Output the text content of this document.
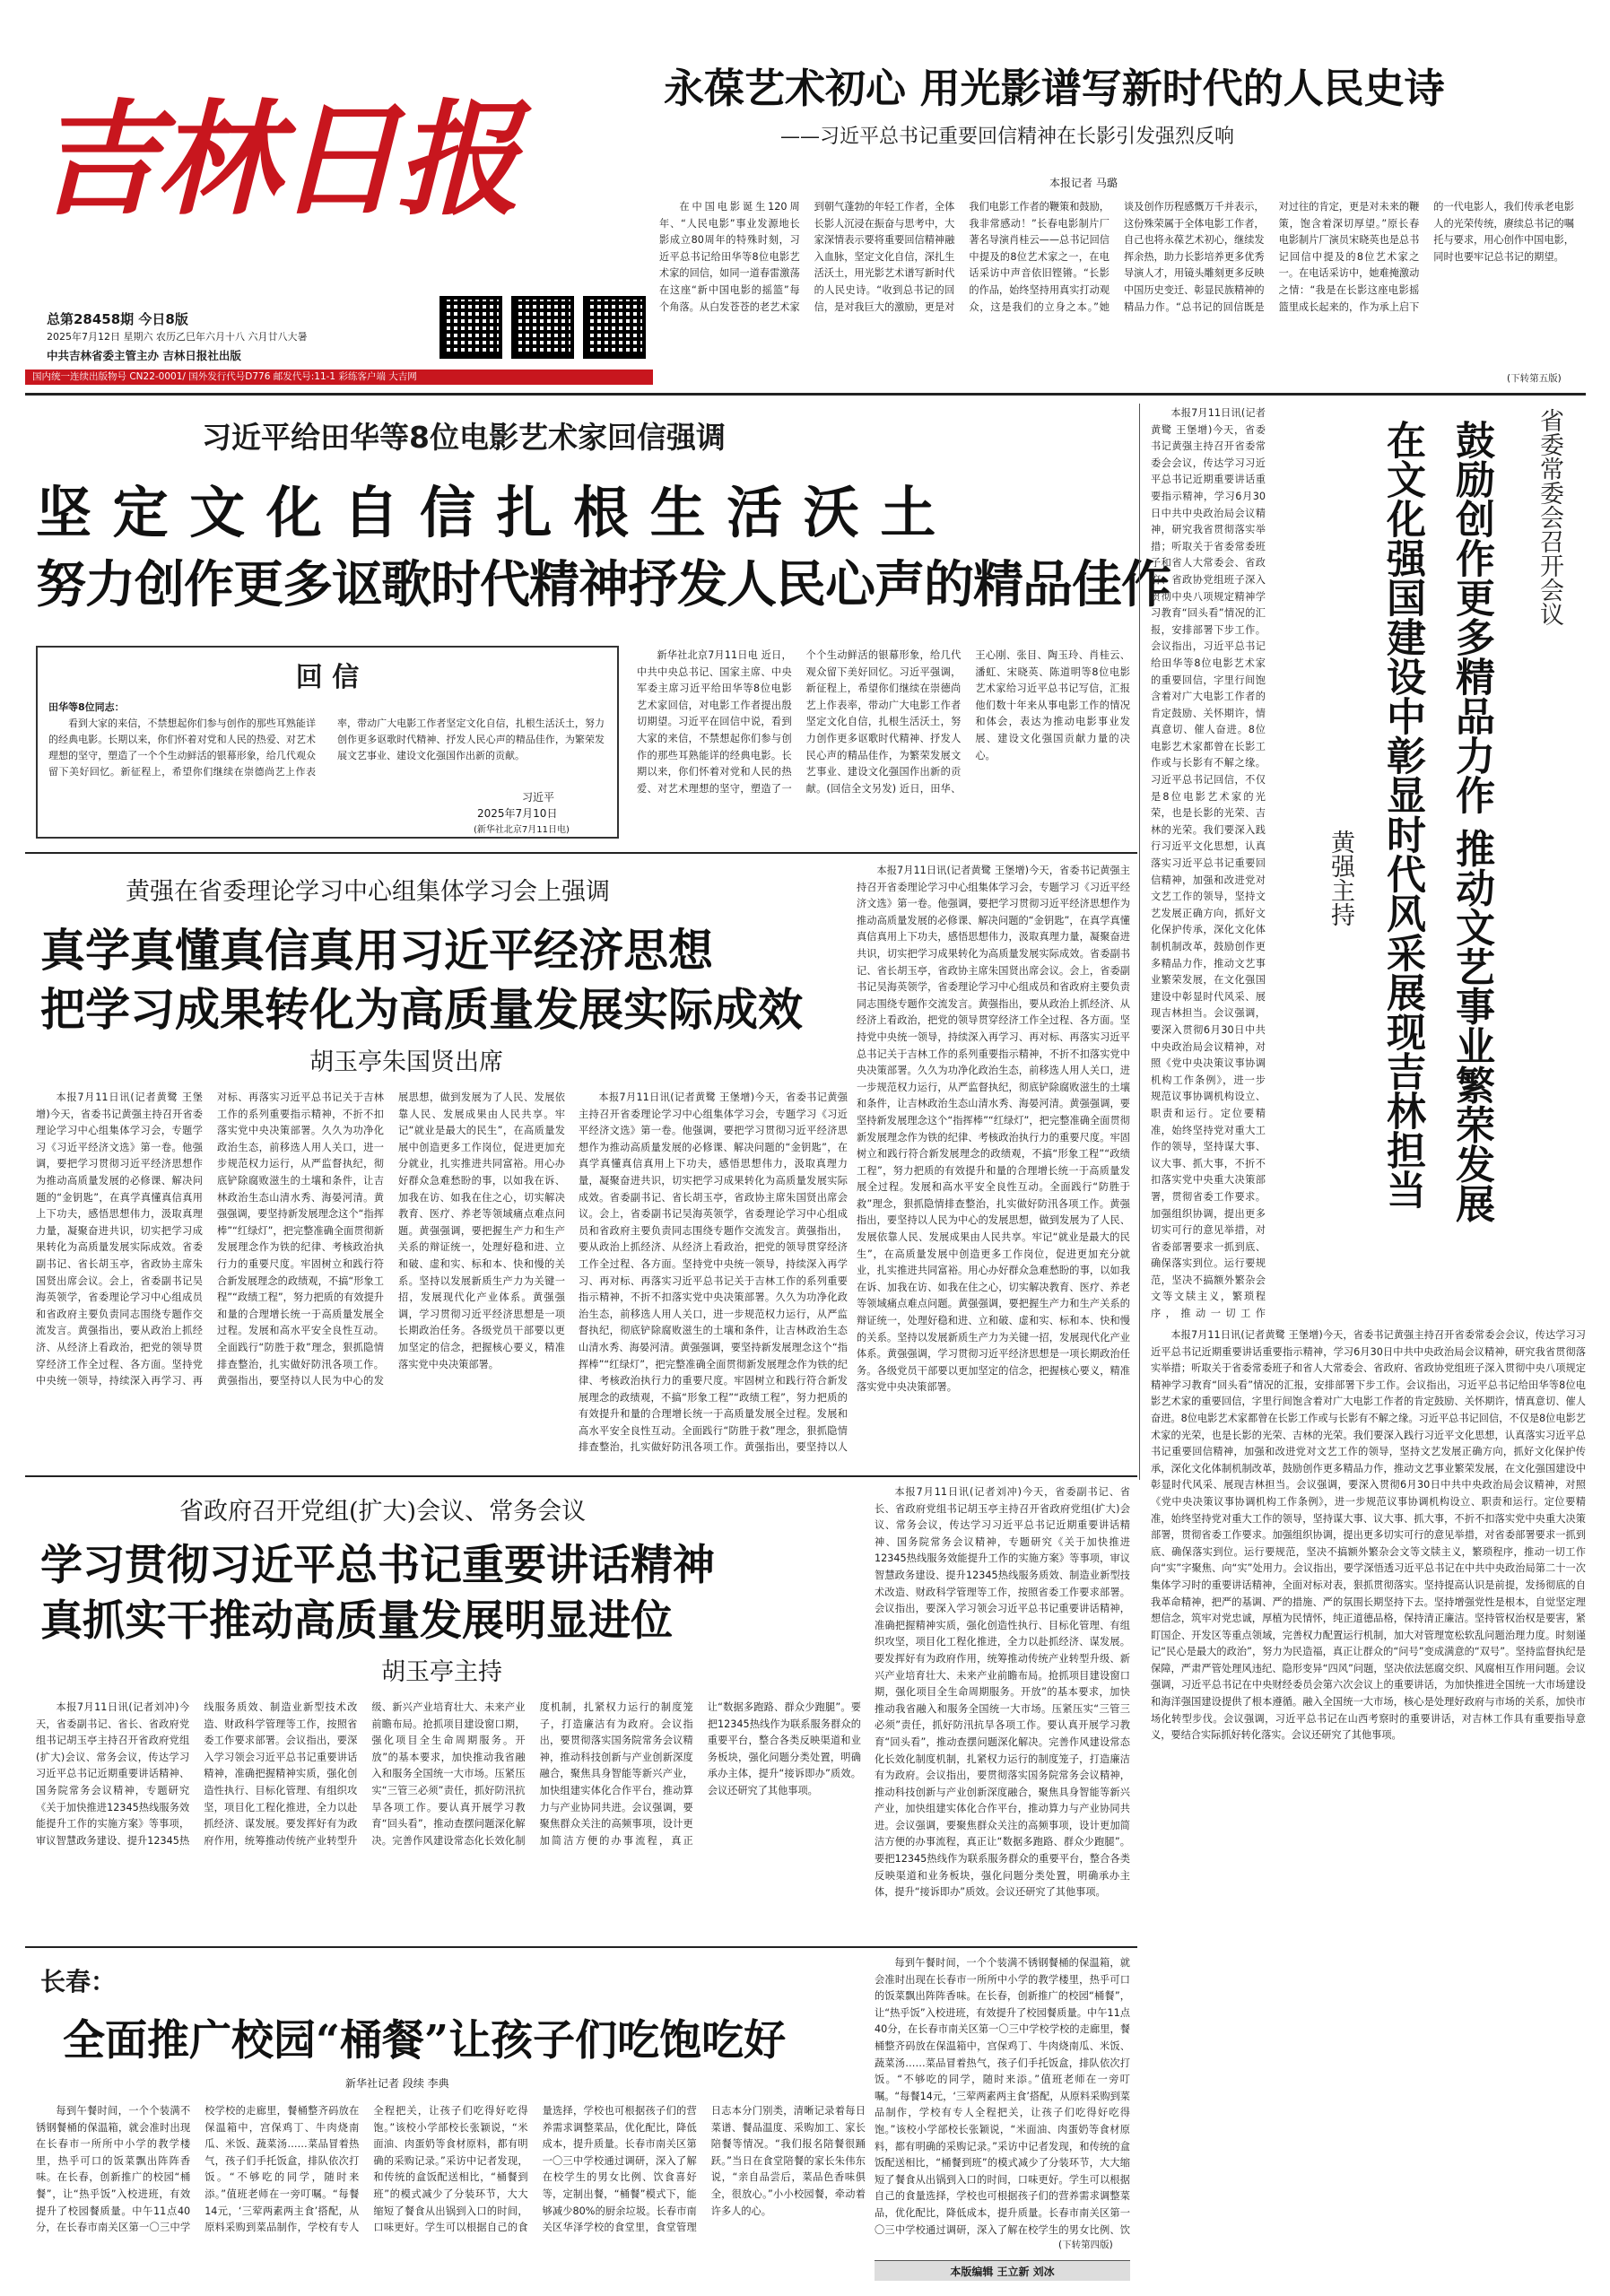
吉林日报
总第28458期 今日8版
2025年7月12日 星期六 农历乙巳年六月十八 六月廿八大暑
中共吉林省委主管主办 吉林日报社出版
国内统一连续出版物号 CN22-0001/ 国外发行代号D776 邮发代号:11-1 彩练客户端 大吉网
永葆艺术初心 用光影谱写新时代的人民史诗
——习近平总书记重要回信精神在长影引发强烈反响
本报记者 马璐

在中国电影诞生120周年、“人民电影”事业发源地长影成立80周年的特殊时刻，习近平总书记给田华等8位电影艺术家的回信，如同一道春雷激荡在这座“新中国电影的摇篮”每个角落。从白发苍苍的老艺术家到朝气蓬勃的年轻工作者，全体长影人沉浸在振奋与思考中，大家深情表示要将重要回信精神融入血脉，坚定文化自信，深扎生活沃土，用光影艺术谱写新时代的人民史诗。“收到总书记的回信，是对我巨大的激励，更是对我们电影工作者的鞭策和鼓励，我非常感动！”长春电影制片厂著名导演肖桂云——总书记回信中提及的8位艺术家之一，在电话采访中声音依旧铿锵。“长影的作品，始终坚持用真实打动观众，这是我们的立身之本。”她谈及创作历程感慨万千并表示，这份殊荣属于全体电影工作者，自己也将永葆艺术初心，继续发挥余热，助力长影培养更多优秀导演人才，用镜头雕刻更多反映中国历史变迁、彰显民族精神的精品力作。“总书记的回信既是对过往的肯定，更是对未来的鞭策，饱含着深切厚望。”原长春电影制片厂演员宋晓英也是总书记回信中提及的8位艺术家之一。在电话采访中，她难掩激动之情：“我是在长影这座电影摇篮里成长起来的，作为承上启下的一代电影人，我们传承老电影人的光荣传统，赓续总书记的嘱托与要求，用心创作中国电影，同时也要牢记总书记的期望。

(下转第五版)
习近平给田华等8位电影艺术家回信强调
坚 定 文 化 自 信 扎 根 生 活 沃 土
努力创作更多讴歌时代精神抒发人民心声的精品佳作
回 信
田华等8位同志：

看到大家的来信，不禁想起你们参与创作的那些耳熟能详的经典电影。长期以来，你们怀着对党和人民的热爱、对艺术理想的坚守，塑造了一个个生动鲜活的银幕形象，给几代观众留下美好回忆。新征程上，希望你们继续在崇德尚艺上作表率，带动广大电影工作者坚定文化自信，扎根生活沃土，努力创作更多讴歌时代精神、抒发人民心声的精品佳作，为繁荣发展文艺事业、建设文化强国作出新的贡献。

习近平
2025年7月10日
(新华社北京7月11日电)

新华社北京7月11日电 近日，中共中央总书记、国家主席、中央军委主席习近平给田华等8位电影艺术家回信，对电影工作者提出殷切期望。习近平在回信中说，看到大家的来信，不禁想起你们参与创作的那些耳熟能详的经典电影。长期以来，你们怀着对党和人民的热爱、对艺术理想的坚守，塑造了一个个生动鲜活的银幕形象，给几代观众留下美好回忆。习近平强调，新征程上，希望你们继续在崇德尚艺上作表率，带动广大电影工作者坚定文化自信，扎根生活沃土，努力创作更多讴歌时代精神、抒发人民心声的精品佳作，为繁荣发展文艺事业、建设文化强国作出新的贡献。(回信全文另发) 近日，田华、王心刚、张目、陶玉玲、肖桂云、潘虹、宋晓英、陈道明等8位电影艺术家给习近平总书记写信，汇报他们数十年来从事电影工作的情况和体会，表达为推动电影事业发展、建设文化强国贡献力量的决心。

本报7月11日讯(记者黄鹭 王堡增)今天，省委书记黄强主持召开省委常委会会议，传达学习习近平总书记近期重要讲话重要指示精神，学习6月30日中共中央政治局会议精神，研究我省贯彻落实举措；听取关于省委常委班子和省人大常委会、省政府、省政协党组班子深入贯彻中央八项规定精神学习教育“回头看”情况的汇报，安排部署下步工作。会议指出，习近平总书记给田华等8位电影艺术家的重要回信，字里行间饱含着对广大电影工作者的肯定鼓励、关怀期许，情真意切、催人奋进。8位电影艺术家都曾在长影工作或与长影有不解之缘。习近平总书记回信，不仅是8位电影艺术家的光荣，也是长影的光荣、吉林的光荣。我们要深入践行习近平文化思想，认真落实习近平总书记重要回信精神，加强和改进党对文艺工作的领导，坚持文艺发展正确方向，抓好文化保护传承，深化文化体制机制改革，鼓励创作更多精品力作，推动文艺事业繁荣发展，在文化强国建设中彰显时代风采、展现吉林担当。会议强调，要深入贯彻6月30日中共中央政治局会议精神，对照《党中央决策议事协调机构工作条例》，进一步规范议事协调机构设立、职责和运行。定位要精准，始终坚持党对重大工作的领导，坚持谋大事、议大事、抓大事，不折不扣落实党中央重大决策部署，贯彻省委工作要求。加强组织协调，提出更多切实可行的意见举措，对省委部署要求一抓到底、确保落实到位。运行要规范，坚决不搞额外繁杂会文等文牍主义，繁琐程序，推动一切工作

鼓励创作更多精品力作 推动文艺事业繁荣发展
在文化强国建设中彰显时代风采展现吉林担当	省委常委会召开会议
黄强主持

本报7月11日讯(记者黄鹭 王堡增)今天，省委书记黄强主持召开省委常委会会议，传达学习习近平总书记近期重要讲话重要指示精神，学习6月30日中共中央政治局会议精神，研究我省贯彻落实举措；听取关于省委常委班子和省人大常委会、省政府、省政协党组班子深入贯彻中央八项规定精神学习教育“回头看”情况的汇报，安排部署下步工作。会议指出，习近平总书记给田华等8位电影艺术家的重要回信，字里行间饱含着对广大电影工作者的肯定鼓励、关怀期许，情真意切、催人奋进。8位电影艺术家都曾在长影工作或与长影有不解之缘。习近平总书记回信，不仅是8位电影艺术家的光荣，也是长影的光荣、吉林的光荣。我们要深入践行习近平文化思想，认真落实习近平总书记重要回信精神，加强和改进党对文艺工作的领导，坚持文艺发展正确方向，抓好文化保护传承，深化文化体制机制改革，鼓励创作更多精品力作，推动文艺事业繁荣发展，在文化强国建设中彰显时代风采、展现吉林担当。会议强调，要深入贯彻6月30日中共中央政治局会议精神，对照《党中央决策议事协调机构工作条例》，进一步规范议事协调机构设立、职责和运行。定位要精准，始终坚持党对重大工作的领导，坚持谋大事、议大事、抓大事，不折不扣落实党中央重大决策部署，贯彻省委工作要求。加强组织协调，提出更多切实可行的意见举措，对省委部署要求一抓到底、确保落实到位。运行要规范，坚决不搞额外繁杂会文等文牍主义，繁琐程序，推动一切工作向“实”字聚焦、向“实”处用力。会议指出，要学深悟透习近平总书记在中共中央政治局第二十一次集体学习时的重要讲话精神，全面对标对表，狠抓贯彻落实。坚持提高认识是前提，发扬彻底的自我革命精神，把严的基调、严的措施、严的氛围长期坚持下去。坚持增强党性是根本，自觉坚定理想信念，筑牢对党忠诚，厚植为民情怀，纯正道德品格，保持清正廉洁。坚持管权治权是要害，紧盯国企、开发区等重点领域，完善权力配置运行机制，加大对管理宽松软乱问题治理力度。时刻谨记“民心是最大的政治”，努力为民造福，真正让群众的“问号”变成满意的“双号”。坚持监督执纪是保障，严肃严管处理风违纪、隐形变异“四风”问题，坚决依法惩腐交织、风腐相互作用问题。会议强调，习近平总书记在中央财经委员会第六次会议上的重要讲话，为加快推进全国统一大市场建设和海洋强国建设提供了根本遵循。融入全国统一大市场，核心是处理好政府与市场的关系，加快市场化转型步伐。会议强调，习近平总书记在山西考察时的重要讲话，对吉林工作具有重要指导意义，要结合实际抓好转化落实。会议还研究了其他事项。

黄强在省委理论学习中心组集体学习会上强调
真学真懂真信真用习近平经济思想
把学习成果转化为高质量发展实际成效
胡玉亭朱国贤出席

本报7月11日讯(记者黄鹭 王堡增)今天，省委书记黄强主持召开省委理论学习中心组集体学习会，专题学习《习近平经济文选》第一卷。他强调，要把学习贯彻习近平经济思想作为推动高质量发展的必修课、解决问题的“金钥匙”，在真学真懂真信真用上下功夫，感悟思想伟力，汲取真理力量，凝聚奋进共识，切实把学习成果转化为高质量发展实际成效。省委副书记、省长胡玉亭，省政协主席朱国贤出席会议。会上，省委副书记吴海英领学，省委理论学习中心组成员和省政府主要负责同志围绕专题作交流发言。黄强指出，要从政治上抓经济、从经济上看政治，把党的领导贯穿经济工作全过程、各方面。坚持党中央统一领导，持续深入再学习、再对标、再落实习近平总书记关于吉林工作的系列重要指示精神，不折不扣落实党中央决策部署。久久为功净化政治生态，前移选人用人关口，进一步规范权力运行，从严监督执纪，彻底铲除腐败滋生的土壤和条件，让吉林政治生态山清水秀、海晏河清。黄强强调，要坚持新发展理念这个“指挥棒”“红绿灯”，把完整准确全面贯彻新发展理念作为铁的纪律、考核政治执行力的重要尺度。牢固树立和践行符合新发展理念的政绩观，不搞“形象工程”“政绩工程”，努力把质的有效提升和量的合理增长统一于高质量发展全过程。发展和高水平安全良性互动。全面践行“防胜于救”理念，狠抓隐情排查整治，扎实做好防汛各项工作。黄强指出，要坚持以人民为中心的发展思想，做到发展为了人民、发展依靠人民、发展成果由人民共享。牢记“就业是最大的民生”，在高质量发展中创造更多工作岗位，促进更加充分就业，扎实推进共同富裕。用心办好群众急难愁盼的事，以如我在诉、加我在访、如我在住之心，切实解决教育、医疗、养老等领域痛点难点问题。黄强强调，要把握生产力和生产关系的辩证统一，处理好稳和进、立和破、虚和实、标和本、快和慢的关系。坚持以发展新质生产力为关键一招，发展现代化产业体系。黄强强调，学习贯彻习近平经济思想是一项长期政治任务。各级党员干部要以更加坚定的信念，把握核心要义，精准落实党中央决策部署。

本报7月11日讯(记者黄鹭 王堡增)今天，省委书记黄强主持召开省委理论学习中心组集体学习会，专题学习《习近平经济文选》第一卷。他强调，要把学习贯彻习近平经济思想作为推动高质量发展的必修课、解决问题的“金钥匙”，在真学真懂真信真用上下功夫，感悟思想伟力，汲取真理力量，凝聚奋进共识，切实把学习成果转化为高质量发展实际成效。省委副书记、省长胡玉亭，省政协主席朱国贤出席会议。会上，省委副书记吴海英领学，省委理论学习中心组成员和省政府主要负责同志围绕专题作交流发言。黄强指出，要从政治上抓经济、从经济上看政治，把党的领导贯穿经济工作全过程、各方面。坚持党中央统一领导，持续深入再学习、再对标、再落实习近平总书记关于吉林工作的系列重要指示精神，不折不扣落实党中央决策部署。久久为功净化政治生态，前移选人用人关口，进一步规范权力运行，从严监督执纪，彻底铲除腐败滋生的土壤和条件，让吉林政治生态山清水秀、海晏河清。黄强强调，要坚持新发展理念这个“指挥棒”“红绿灯”，把完整准确全面贯彻新发展理念作为铁的纪律、考核政治执行力的重要尺度。牢固树立和践行符合新发展理念的政绩观，不搞“形象工程”“政绩工程”，努力把质的有效提升和量的合理增长统一于高质量发展全过程。发展和高水平安全良性互动。全面践行“防胜于救”理念，狠抓隐情排查整治，扎实做好防汛各项工作。黄强指出，要坚持以人民为中心的发展思想，做到发展为了人民、发展依靠人民、发展成果由人民共享。牢记“就业是最大的民生”，在高质量发展中创造更多工作岗位，促进更加充分就业，扎实推进共同富裕。用心办好群众急难愁盼的事，以如我在诉、加我在访、如我在住之心，切实解决教育、医疗、养老等领域痛点难点问题。黄强强调，要把握生产力和生产关系的辩证统一，处理好稳和进、立和破、虚和实、标和本、快和慢的关系。坚持以发展新质生产力为关键一招，发展现代化产业体系。黄强强调，学习贯彻习近平经济思想是一项长期政治任务。各级党员干部要以更加坚定的信念，把握核心要义，精准落实党中央决策部署。

本报7月11日讯(记者黄鹭 王堡增)今天，省委书记黄强主持召开省委理论学习中心组集体学习会，专题学习《习近平经济文选》第一卷。他强调，要把学习贯彻习近平经济思想作为推动高质量发展的必修课、解决问题的“金钥匙”，在真学真懂真信真用上下功夫，感悟思想伟力，汲取真理力量，凝聚奋进共识，切实把学习成果转化为高质量发展实际成效。省委副书记、省长胡玉亭，省政协主席朱国贤出席会议。会上，省委副书记吴海英领学，省委理论学习中心组成员和省政府主要负责同志围绕专题作交流发言。黄强指出，要从政治上抓经济、从经济上看政治，把党的领导贯穿经济工作全过程、各方面。坚持党中央统一领导，持续深入再学习、再对标、再落实习近平总书记关于吉林工作的系列重要指示精神，不折不扣落实党中央决策部署。久久为功净化政治生态，前移选人用人关口，进一步规范权力运行，从严监督执纪，彻底铲除腐败滋生的土壤和条件，让吉林政治生态山清水秀、海晏河清。黄强强调，要坚持新发展理念这个“指挥棒”“红绿灯”，把完整准确全面贯彻新发展理念作为铁的纪律、考核政治执行力的重要尺度。牢固树立和践行符合新发展理念的政绩观，不搞“形象工程”“政绩工程”，努力把质的有效提升和量的合理增长统一于高质量发展全过程。发展和高水平安全良性互动。全面践行“防胜于救”理念，狠抓隐情排查整治，扎实做好防汛各项工作。黄强指出，要坚持以人

省政府召开党组(扩大)会议、常务会议
学习贯彻习近平总书记重要讲话精神
真抓实干推动高质量发展明显进位
胡玉亭主持

本报7月11日讯(记者刘冲)今天，省委副书记、省长、省政府党组书记胡玉亭主持召开省政府党组(扩大)会议、常务会议，传达学习习近平总书记近期重要讲话精神、国务院常务会议精神，专题研究《关于加快推进12345热线服务效能提升工作的实施方案》等事项，审议智慧政务建设、提升12345热线服务质效、制造业新型技术改造、财政科学管理等工作，按照省委工作要求部署。会议指出，要深入学习领会习近平总书记重要讲话精神，准确把握精神实质，强化创造性执行、目标化管理、有组织攻坚，项目化工程化推进，全力以赴抓经济、谋发展。要发挥好有为政府作用，统筹推动传统产业转型升级、新兴产业培育壮大、未来产业前瞻布局。抢抓项目建设窗口期，强化项目全生命周期服务。开放”的基本要求，加快推动我省融入和服务全国统一大市场。压紧压实“三管三必须”责任，抓好防汛抗旱各项工作。要认真开展学习教育“回头看”，推动查摆问题深化解决。完善作风建设常态化长效化制度机制，扎紧权力运行的制度笼子，打造廉洁有为政府。会议指出，要贯彻落实国务院常务会议精神，推动科技创新与产业创新深度融合，聚焦具身智能等新兴产业，加快组建实体化合作平台，推动算力与产业协同共进。会议强调，要聚焦群众关注的高频事项，设计更加简洁方便的办事流程，真正让“数据多跑路、群众少跑腿”。要把12345热线作为联系服务群众的重要平台，整合各类反映渠道和业务板块，强化问题分类处置，明确承办主体，提升“接诉即办”质效。会议还研究了其他事项。

本报7月11日讯(记者刘冲)今天，省委副书记、省长、省政府党组书记胡玉亭主持召开省政府党组(扩大)会议、常务会议，传达学习习近平总书记近期重要讲话精神、国务院常务会议精神，专题研究《关于加快推进12345热线服务效能提升工作的实施方案》等事项，审议智慧政务建设、提升12345热线服务质效、制造业新型技术改造、财政科学管理等工作，按照省委工作要求部署。会议指出，要深入学习领会习近平总书记重要讲话精神，准确把握精神实质，强化创造性执行、目标化管理、有组织攻坚，项目化工程化推进，全力以赴抓经济、谋发展。要发挥好有为政府作用，统筹推动传统产业转型升级、新兴产业培育壮大、未来产业前瞻布局。抢抓项目建设窗口期，强化项目全生命周期服务。开放”的基本要求，加快推动我省融入和服务全国统一大市场。压紧压实“三管三必须”责任，抓好防汛抗旱各项工作。要认真开展学习教育“回头看”，推动查摆问题深化解决。完善作风建设常态化长效化制度机制，扎紧权力运行的制度笼子，打造廉洁有为政府。会议指出，要贯彻落实国务院常务会议精神，推动科技创新与产业创新深度融合，聚焦具身智能等新兴产业，加快组建实体化合作平台，推动算力与产业协同共进。会议强调，要聚焦群众关注的高频事项，设计更加简洁方便的办事流程，真正让“数据多跑路、群众少跑腿”。要把12345热线作为联系服务群众的重要平台，整合各类反映渠道和业务板块，强化问题分类处置，明确承办主体，提升“接诉即办”质效。会议还研究了其他事项。

长春：
全面推广校园“桶餐”让孩子们吃饱吃好
新华社记者 段续 李典

每到午餐时间，一个个装满不锈钢餐桶的保温箱，就会准时出现在长春市一所所中小学的教学楼里，热乎可口的饭菜飘出阵阵香味。在长春，创新推广的校园“桶餐”，让“热乎饭”入校进班，有效提升了校园餐质量。中午11点40分，在长春市南关区第一〇三中学校学校的走廊里，餐桶整齐码放在保温箱中，宫保鸡丁、牛肉烧南瓜、米饭、蔬菜汤……菜品冒着热气，孩子们手托饭盒，排队依次打饭。“不够吃的同学，随时来添。”值班老师在一旁叮嘱。“每餐14元，‘三荤两素两主食’搭配，从原料采购到菜品制作，学校有专人全程把关，让孩子们吃得好吃得饱。”该校小学部校长张颖说，“米面油、肉蛋奶等食材原料，都有明确的采购记录。”采访中记者发现，和传统的盒饭配送相比，“桶餐到班”的模式减少了分装环节，大大缩短了餐食从出锅到入口的时间，口味更好。学生可以根据自己的食量选择，学校也可根据孩子们的营养需求调整菜品，优化配比，降低成本，提升质量。长春市南关区第一〇三中学校通过调研，深入了解在校学生的男女比例、饮食喜好等，定制出餐，“桶餐”模式下，能够减少80%的厨余垃圾。长春市南关区华泽学校的食堂里，食堂管理日志本分门别类，清晰记录着每日菜谱、餐品温度、采购加工、家长陪餐等情况。“我们报名陪餐很踊跃。”当日在食堂陪餐的家长朱伟东说，“亲自品尝后，菜品色香味俱全，很放心。”小小校园餐，牵动着许多人的心。

每到午餐时间，一个个装满不锈钢餐桶的保温箱，就会准时出现在长春市一所所中小学的教学楼里，热乎可口的饭菜飘出阵阵香味。在长春，创新推广的校园“桶餐”，让“热乎饭”入校进班，有效提升了校园餐质量。中午11点40分，在长春市南关区第一〇三中学校学校的走廊里，餐桶整齐码放在保温箱中，宫保鸡丁、牛肉烧南瓜、米饭、蔬菜汤……菜品冒着热气，孩子们手托饭盒，排队依次打饭。“不够吃的同学，随时来添。”值班老师在一旁叮嘱。“每餐14元，‘三荤两素两主食’搭配，从原料采购到菜品制作，学校有专人全程把关，让孩子们吃得好吃得饱。”该校小学部校长张颖说，“米面油、肉蛋奶等食材原料，都有明确的采购记录。”采访中记者发现，和传统的盒饭配送相比，“桶餐到班”的模式减少了分装环节，大大缩短了餐食从出锅到入口的时间，口味更好。学生可以根据自己的食量选择，学校也可根据孩子们的营养需求调整菜品，优化配比，降低成本，提升质量。长春市南关区第一〇三中学校通过调研，深入了解在校学生的男女比例、饮

(下转第四版)
本版编辑 王立新 刘冰
